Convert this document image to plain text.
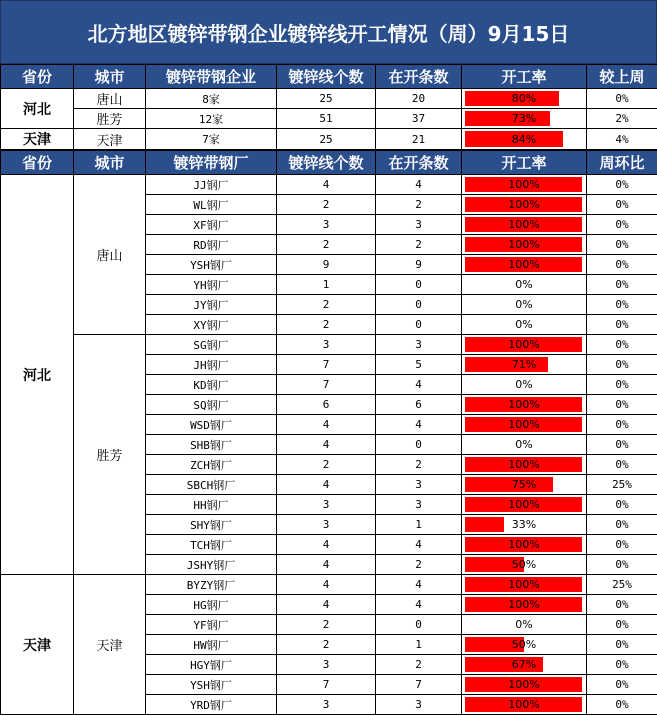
北方地区镀锌带钢企业镀锌线开工情况（周）9月15日
省份	城市	镀锌带钢企业	镀锌线个数	在开条数	开工率	较上周
河北	唐山	8家	25	20	80%	0%
	胜芳	12家	51	37	73%	2%
天津	天津	7家	25	21	84%	4%
省份	城市	镀锌带钢厂	镀锌线个数	在开条数	开工率	周环比
河北	唐山	JJ钢厂	4	4	100%	0%
		WL钢厂	2	2	100%	0%
		XF钢厂	3	3	100%	0%
		RD钢厂	2	2	100%	0%
		YSH钢厂	9	9	100%	0%
		YH钢厂	1	0	0%	0%
		JY钢厂	2	0	0%	0%
		XY钢厂	2	0	0%	0%
	胜芳	SG钢厂	3	3	100%	0%
		JH钢厂	7	5	71%	0%
		KD钢厂	7	4	0%	0%
		SQ钢厂	6	6	100%	0%
		WSD钢厂	4	4	100%	0%
		SHB钢厂	4	0	0%	0%
		ZCH钢厂	2	2	100%	0%
		SBCH钢厂	4	3	75%	25%
		HH钢厂	3	3	100%	0%
		SHY钢厂	3	1	33%	0%
		TCH钢厂	4	4	100%	0%
		JSHY钢厂	4	2	50%	0%
天津	天津	BYZY钢厂	4	4	100%	25%
		HG钢厂	4	4	100%	0%
		YF钢厂	2	0	0%	0%
		HW钢厂	2	1	50%	0%
		HGY钢厂	3	2	67%	0%
		YSH钢厂	7	7	100%	0%
		YRD钢厂	3	3	100%	0%
